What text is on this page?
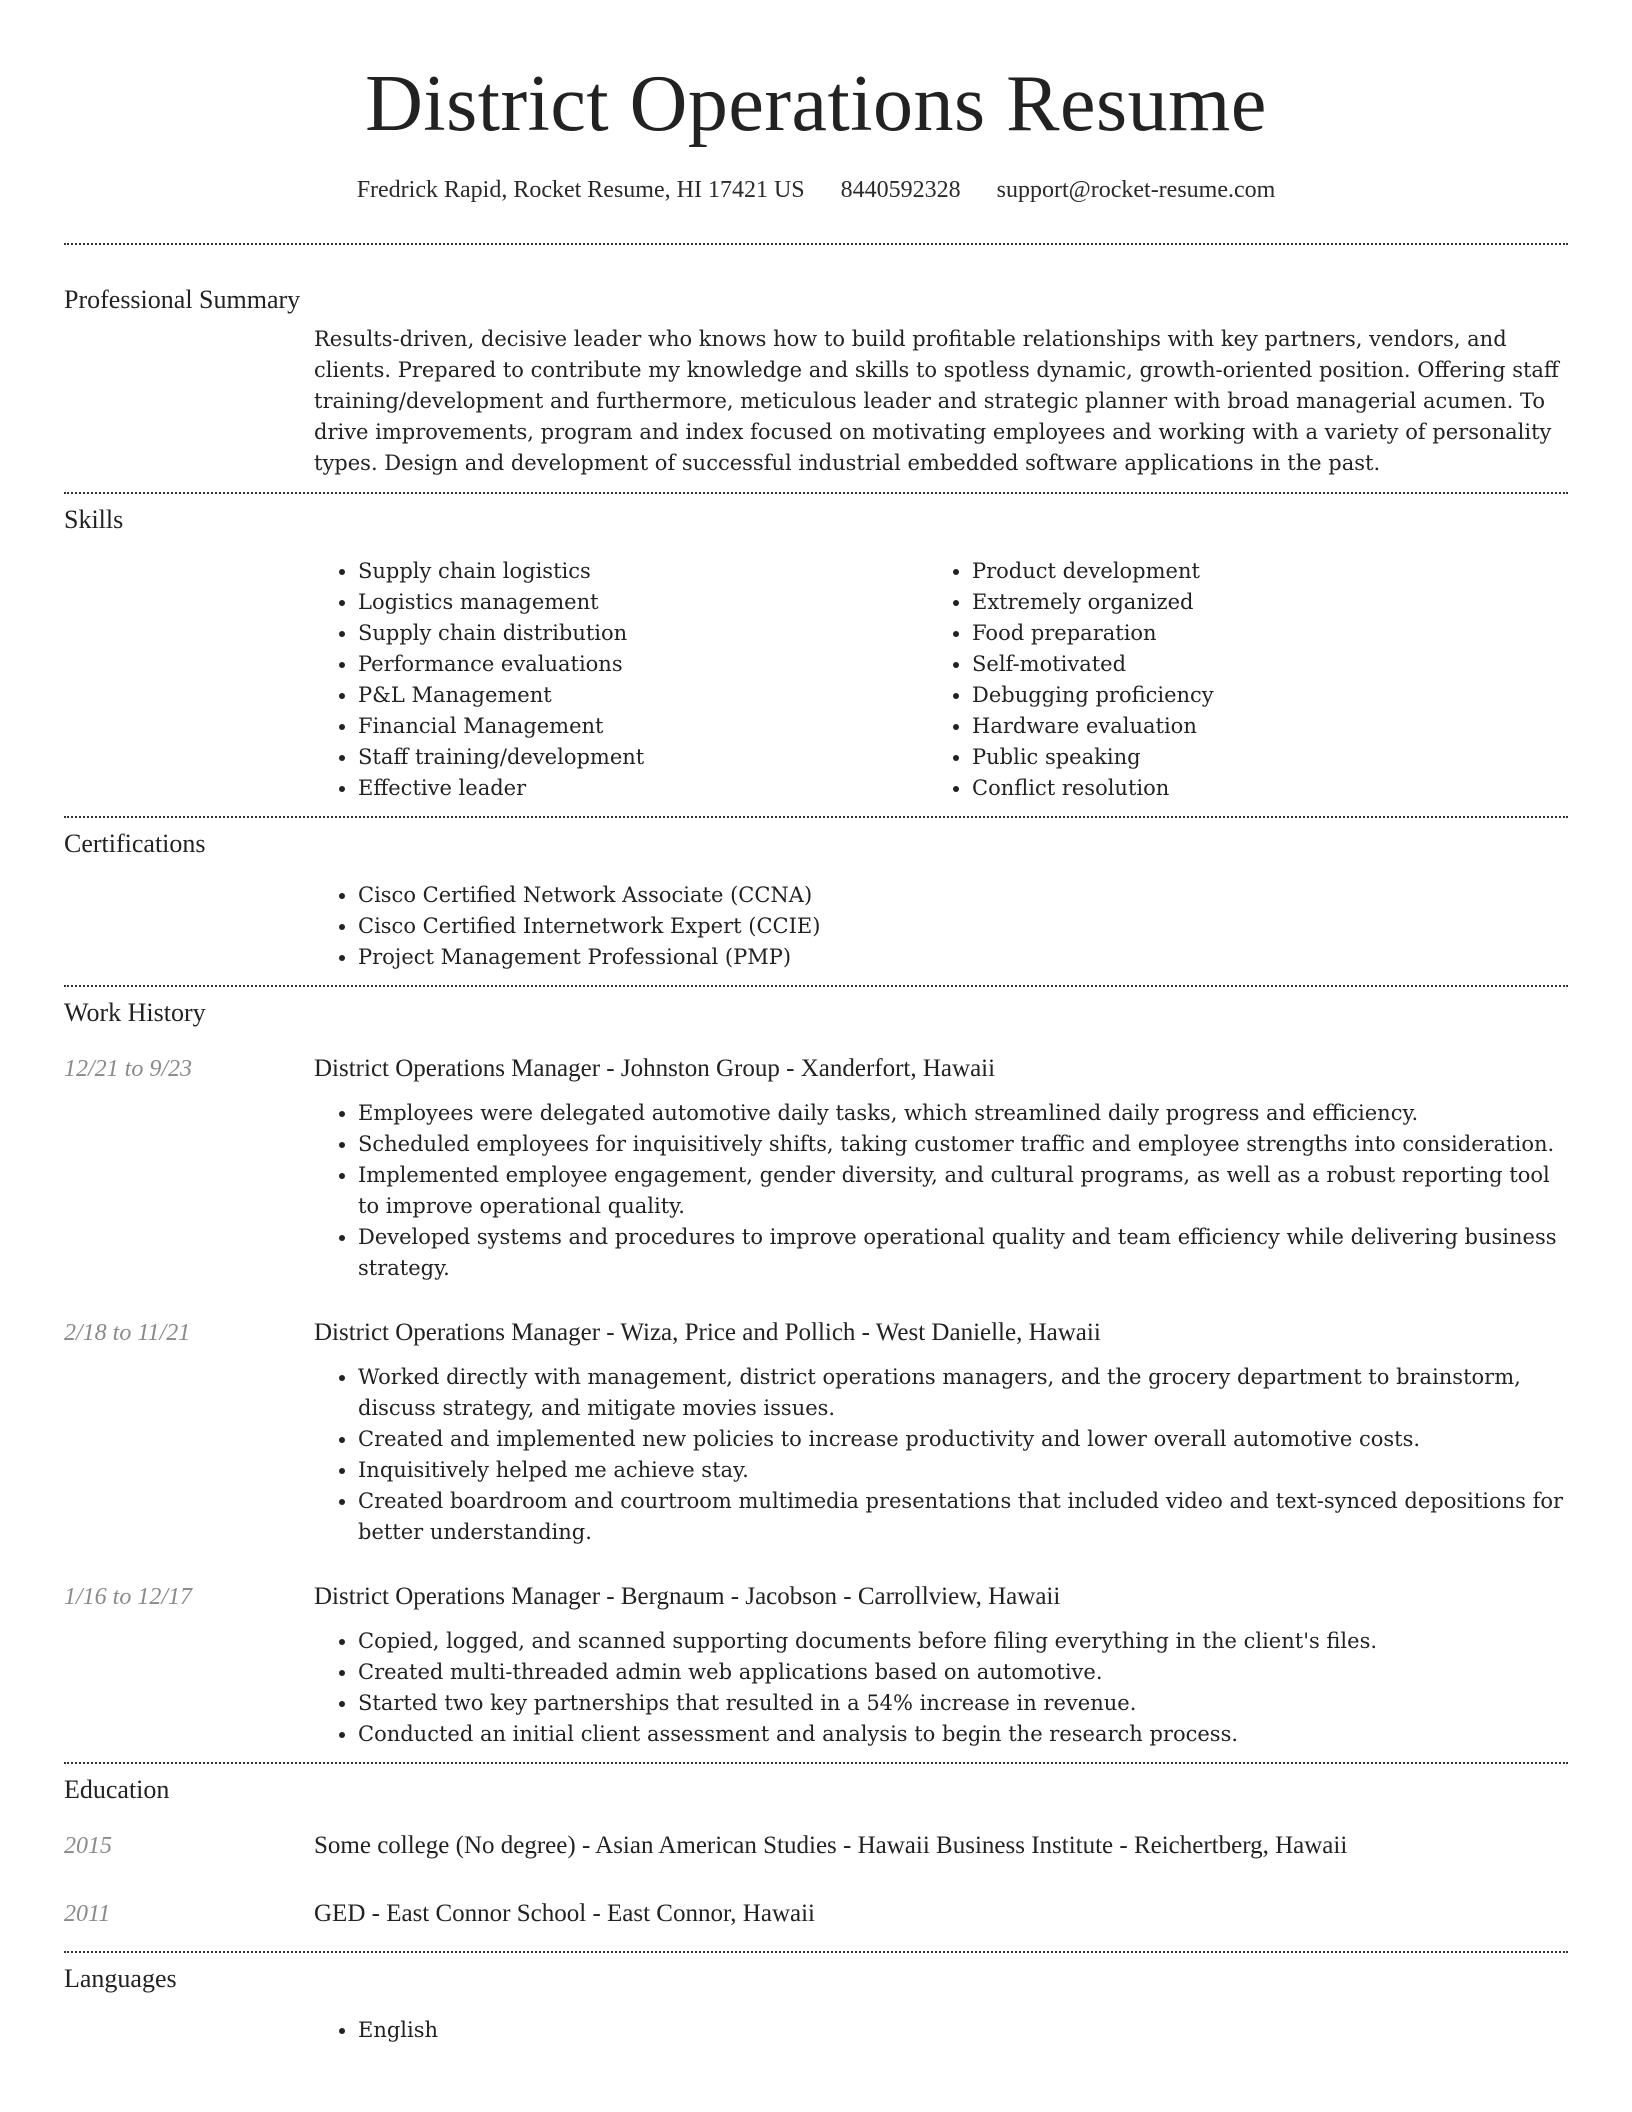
District Operations Resume
Fredrick Rapid, Rocket Resume, HI 17421 US 8440592328 support@rocket-resume.com
Professional Summary

Results-driven, decisive leader who knows how to build profitable relationships with key partners, vendors, and clients. Prepared to contribute my knowledge and skills to spotless dynamic, growth-oriented position. Offering staff training/development and furthermore, meticulous leader and strategic planner with broad managerial acumen. To drive improvements, program and index focused on motivating employees and working with a variety of personality types. Design and development of successful industrial embedded software applications in the past.

Skills
• Supply chain logistics
• Logistics management
• Supply chain distribution
• Performance evaluations
• P&L Management
• Financial Management
• Staff training/development
• Effective leader
• Product development
• Extremely organized
• Food preparation
• Self-motivated
• Debugging proficiency
• Hardware evaluation
• Public speaking
• Conflict resolution
Certifications
• Cisco Certified Network Associate (CCNA)
• Cisco Certified Internetwork Expert (CCIE)
• Project Management Professional (PMP)
Work History
12/21 to 9/23	District Operations Manager - Johnston Group - Xanderfort, Hawaii
• Employees were delegated automotive daily tasks, which streamlined daily progress and efficiency.
• Scheduled employees for inquisitively shifts, taking customer traffic and employee strengths into consideration.
• Implemented employee engagement, gender diversity, and cultural programs, as well as a robust reporting tool to improve operational quality.
• Developed systems and procedures to improve operational quality and team efficiency while delivering business strategy.
2/18 to 11/21	District Operations Manager - Wiza, Price and Pollich - West Danielle, Hawaii
• Worked directly with management, district operations managers, and the grocery department to brainstorm, discuss strategy, and mitigate movies issues.
• Created and implemented new policies to increase productivity and lower overall automotive costs.
• Inquisitively helped me achieve stay.
• Created boardroom and courtroom multimedia presentations that included video and text-synced depositions for better understanding.
1/16 to 12/17	District Operations Manager - Bergnaum - Jacobson - Carrollview, Hawaii
• Copied, logged, and scanned supporting documents before filing everything in the client's files.
• Created multi-threaded admin web applications based on automotive.
• Started two key partnerships that resulted in a 54% increase in revenue.
• Conducted an initial client assessment and analysis to begin the research process.
Education
2015	Some college (No degree) - Asian American Studies - Hawaii Business Institute - Reichertberg, Hawaii
2011	GED - East Connor School - East Connor, Hawaii
Languages
• English
